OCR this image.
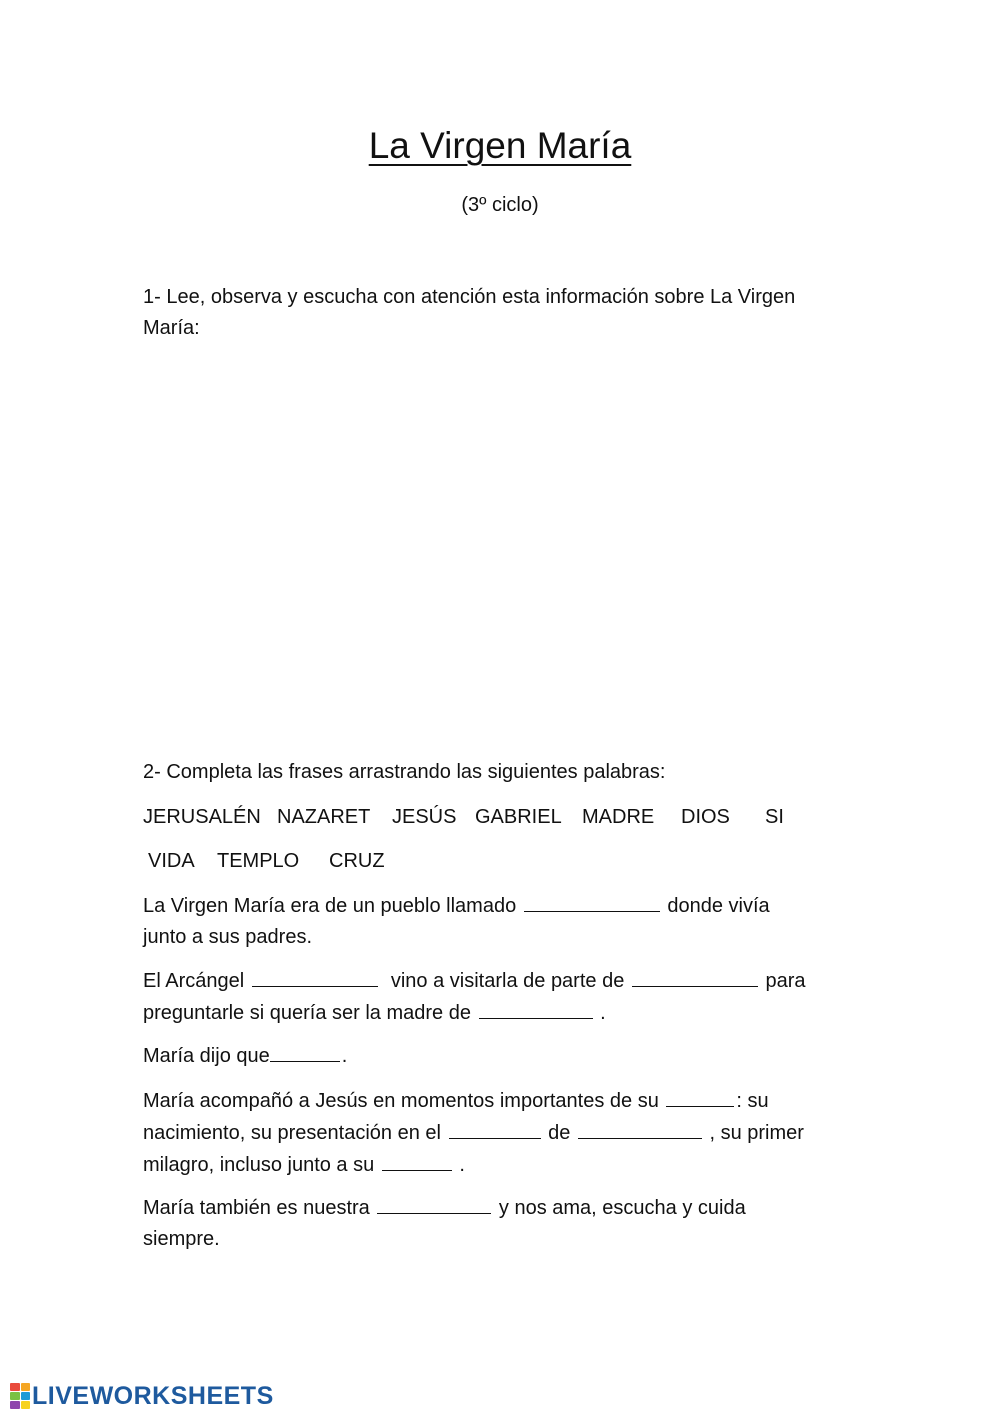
La Virgen María
(3º ciclo)
1- Lee, observa y escucha con atención esta información sobre La Virgen
María:
2- Completa las frases arrastrando las siguientes palabras:
JERUSALÉN NAZARET JESÚS GABRIEL MADRE DIOS SI
VIDA TEMPLO CRUZ
La Virgen María era de un pueblo llamado	donde vivía
junto a sus padres.
El Arcángel	vino a visitarla de parte de	para
preguntarle si quería ser la madre de	.
María dijo que	.
María acompañó a Jesús en momentos importantes de su	: su
nacimiento, su presentación en el	de	, su primer
milagro, incluso junto a su	.
María también es nuestra	y nos ama, escucha y cuida
siempre.
LIVEWORKSHEETS
